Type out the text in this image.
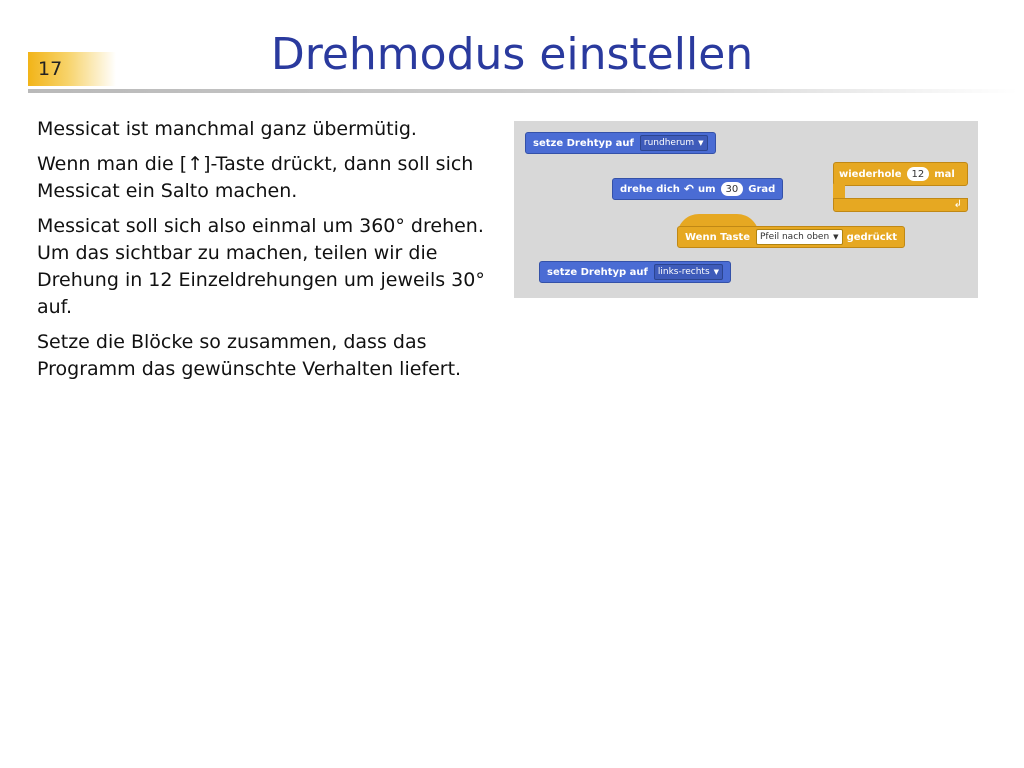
17	Drehmodus einstellen

Messicat ist manchmal ganz übermütig.

Wenn man die [↑]-Taste drückt, dann soll sich Messicat ein Salto machen.

Messicat soll sich also einmal um 360° drehen. Um das sichtbar zu machen, teilen wir die Drehung in 12 Einzeldrehungen um jeweils 30° auf.

Setze die Blöcke so zusammen, dass das Programm das gewünschte Verhalten liefert.

setze Drehtyp auf rundherum ▼
drehe dich ↶ um	30	Grad
wiederhole	12	mal
↲
Wenn Taste Pfeil nach oben ▼ gedrückt
setze Drehtyp auf links-rechts ▼
